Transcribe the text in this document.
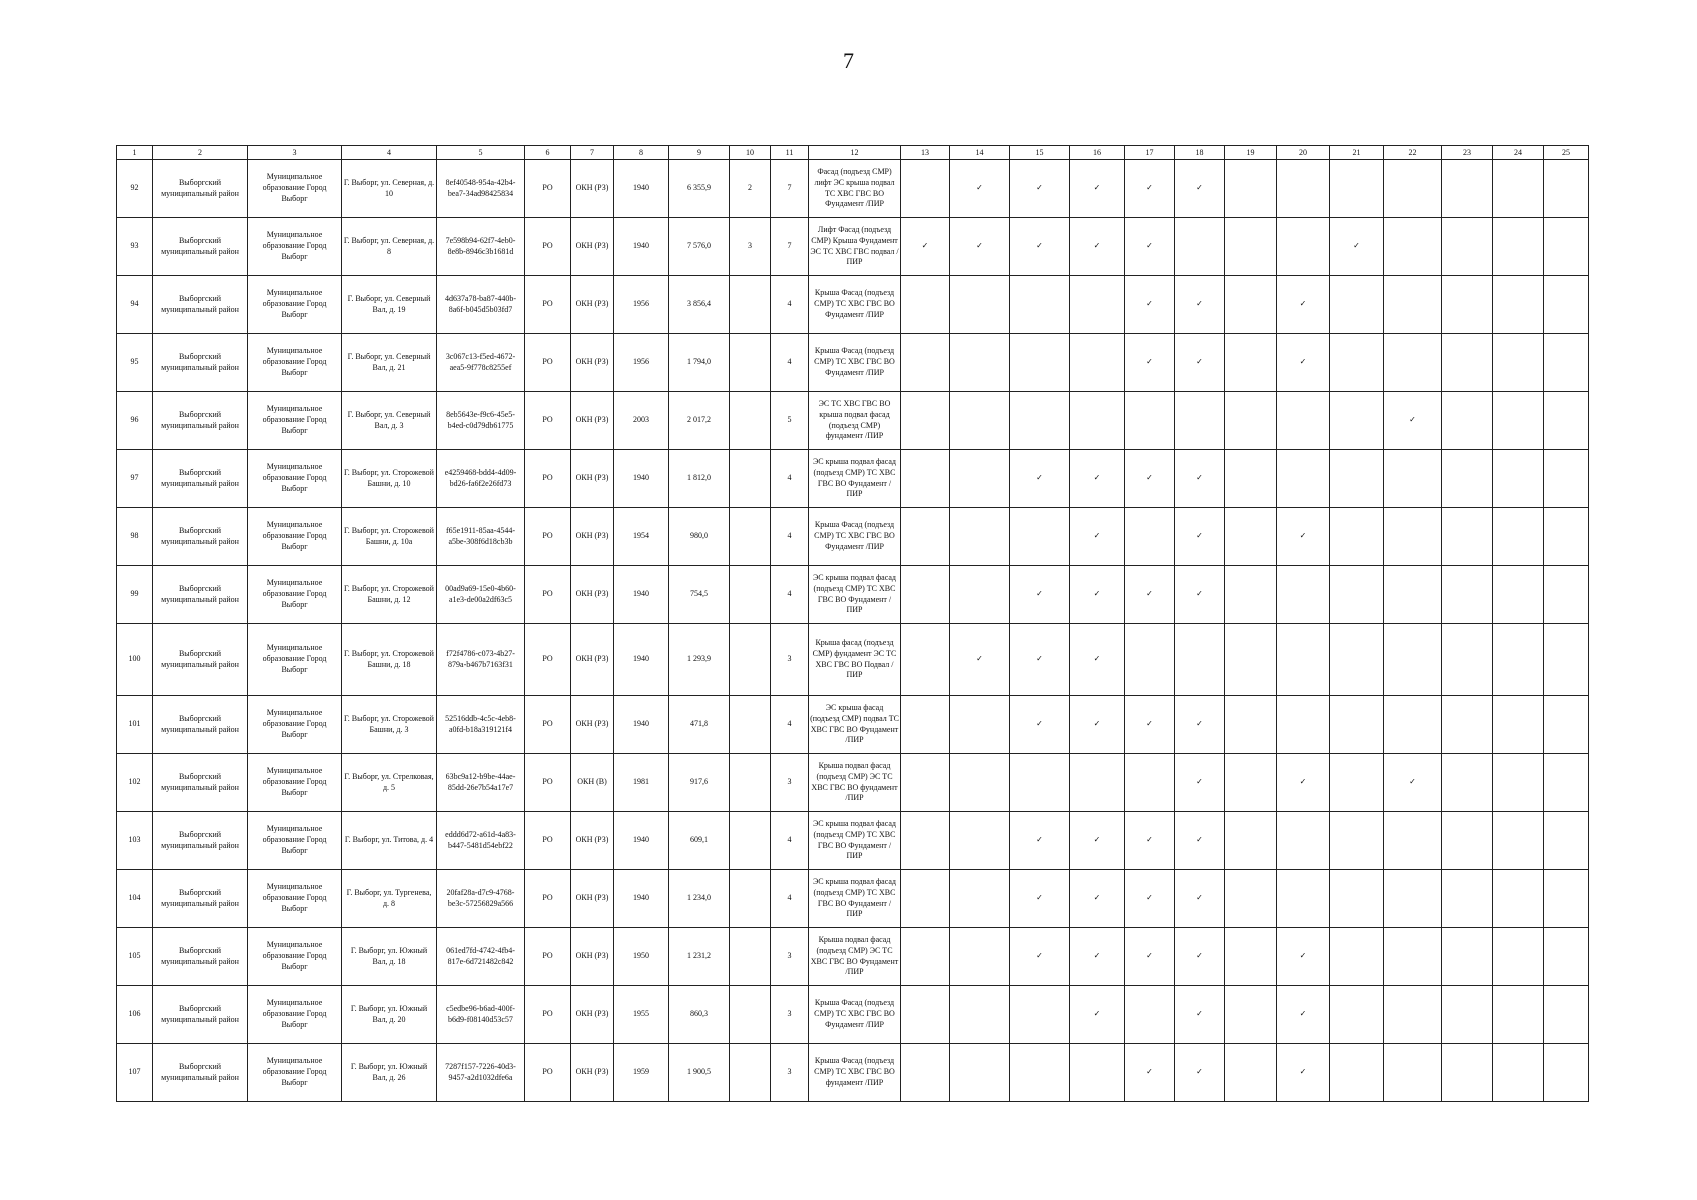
7
1	2	3	4	5	6	7	8	9	10	11	12	13	14	15	16	17	18	19	20	21	22	23	24	25
92	Выборгский муниципальный район	Муниципальное образование Город Выборг	Г. Выборг, ул. Северная, д. 10	8ef40548-954a-42b4-bea7-34ad98425834	РО	ОКН (РЗ)	1940	6 355,9	2	7	Фасад (подъезд СМР) лифт ЭС крыша подвал ТС ХВС ГВС ВО Фундамент /ПИР		✓	✓	✓	✓	✓							
93	Выборгский муниципальный район	Муниципальное образование Город Выборг	Г. Выборг, ул. Северная, д. 8	7e598b94-62f7-4eb0-8e8b-8946c3b1681d	РО	ОКН (РЗ)	1940	7 576,0	3	7	Лифт Фасад (подъезд СМР) Крыша Фундамент ЭС ТС ХВС ГВС подвал /ПИР	✓	✓	✓	✓	✓				✓				
94	Выборгский муниципальный район	Муниципальное образование Город Выборг	Г. Выборг, ул. Северный Вал, д. 19	4d637a78-ba87-440b-8a6f-b045d5b03fd7	РО	ОКН (РЗ)	1956	3 856,4		4	Крыша Фасад (подъезд СМР) ТС ХВС ГВС ВО Фундамент /ПИР					✓	✓		✓					
95	Выборгский муниципальный район	Муниципальное образование Город Выборг	Г. Выборг, ул. Северный Вал, д. 21	3c067c13-f5ed-4672-aea5-9f778c8255ef	РО	ОКН (РЗ)	1956	1 794,0		4	Крыша Фасад (подъезд СМР) ТС ХВС ГВС ВО Фундамент /ПИР					✓	✓		✓					
96	Выборгский муниципальный район	Муниципальное образование Город Выборг	Г. Выборг, ул. Северный Вал, д. 3	8eb5643e-f9c6-45e5-b4ed-c0d79db61775	РО	ОКН (РЗ)	2003	2 017,2		5	ЭС ТС ХВС ГВС ВО крыша подвал фасад (подъезд СМР) фундамент /ПИР										✓			
97	Выборгский муниципальный район	Муниципальное образование Город Выборг	Г. Выборг, ул. Сторожевой Башни, д. 10	e4259468-bdd4-4d09-bd26-fa6f2e26fd73	РО	ОКН (РЗ)	1940	1 812,0		4	ЭС крыша подвал фасад (подъезд СМР) ТС ХВС ГВС ВО Фундамент /ПИР			✓	✓	✓	✓							
98	Выборгский муниципальный район	Муниципальное образование Город Выборг	Г. Выборг, ул. Сторожевой Башни, д. 10а	f65e1911-85aa-4544-a5be-308f6d18cb3b	РО	ОКН (РЗ)	1954	980,0		4	Крыша Фасад (подъезд СМР) ТС ХВС ГВС ВО Фундамент /ПИР				✓		✓		✓					
99	Выборгский муниципальный район	Муниципальное образование Город Выборг	Г. Выборг, ул. Сторожевой Башни, д. 12	00ad9a69-15e0-4b60-a1e3-de00a2df63c5	РО	ОКН (РЗ)	1940	754,5		4	ЭС крыша подвал фасад (подъезд СМР) ТС ХВС ГВС ВО Фундамент /ПИР			✓	✓	✓	✓							
100	Выборгский муниципальный район	Муниципальное образование Город Выборг	Г. Выборг, ул. Сторожевой Башни, д. 18	f72f4786-c073-4b27-879a-b467b7163f31	РО	ОКН (РЗ)	1940	1 293,9		3	Крыша фасад (подъезд СМР) фундамент ЭС ТС ХВС ГВС ВО Подвал /ПИР		✓	✓	✓									
101	Выборгский муниципальный район	Муниципальное образование Город Выборг	Г. Выборг, ул. Сторожевой Башни, д. 3	52516ddb-4c5c-4eb8-a0fd-b18a319121f4	РО	ОКН (РЗ)	1940	471,8		4	ЭС крыша фасад (подъезд СМР) подвал ТС ХВС ГВС ВО Фундамент /ПИР			✓	✓	✓	✓							
102	Выборгский муниципальный район	Муниципальное образование Город Выборг	Г. Выборг, ул. Стрелковая, д. 5	63bc9a12-b9be-44ae-85dd-26e7b54a17e7	РО	ОКН (В)	1981	917,6		3	Крыша подвал фасад (подъезд СМР) ЭС ТС ХВС ГВС ВО фундамент /ПИР						✓		✓		✓			
103	Выборгский муниципальный район	Муниципальное образование Город Выборг	Г. Выборг, ул. Титова, д. 4	eddd6d72-a61d-4a83-b447-5481d54ebf22	РО	ОКН (РЗ)	1940	609,1		4	ЭС крыша подвал фасад (подъезд СМР) ТС ХВС ГВС ВО Фундамент /ПИР			✓	✓	✓	✓							
104	Выборгский муниципальный район	Муниципальное образование Город Выборг	Г. Выборг, ул. Тургенева, д. 8	20faf28a-d7c9-4768-be3c-5725682​9a566	РО	ОКН (РЗ)	1940	1 234,0		4	ЭС крыша подвал фасад (подъезд СМР) ТС ХВС ГВС ВО Фундамент /ПИР			✓	✓	✓	✓							
105	Выборгский муниципальный район	Муниципальное образование Город Выборг	Г. Выборг, ул. Южный Вал, д. 18	061ed7fd-4742-4fb4-817e-6d721482c842	РО	ОКН (РЗ)	1950	1 231,2		3	Крыша подвал фасад (подъезд СМР) ЭС ТС ХВС ГВС ВО Фундамент /ПИР			✓	✓	✓	✓		✓					
106	Выборгский муниципальный район	Муниципальное образование Город Выборг	Г. Выборг, ул. Южный Вал, д. 20	c5edbe96-b6ad-400f-b6d9-f08140d53c57	РО	ОКН (РЗ)	1955	860,3		3	Крыша Фасад (подъезд СМР) ТС ХВС ГВС ВО Фундамент /ПИР				✓		✓		✓					
107	Выборгский муниципальный район	Муниципальное образование Город Выборг	Г. Выборг, ул. Южный Вал, д. 26	7287f157-7226-40d3-9457-a2d1032dfe6a	РО	ОКН (РЗ)	1959	1 900,5		3	Крыша Фасад (подъезд СМР) ТС ХВС ГВС ВО фундамент /ПИР					✓	✓		✓					
